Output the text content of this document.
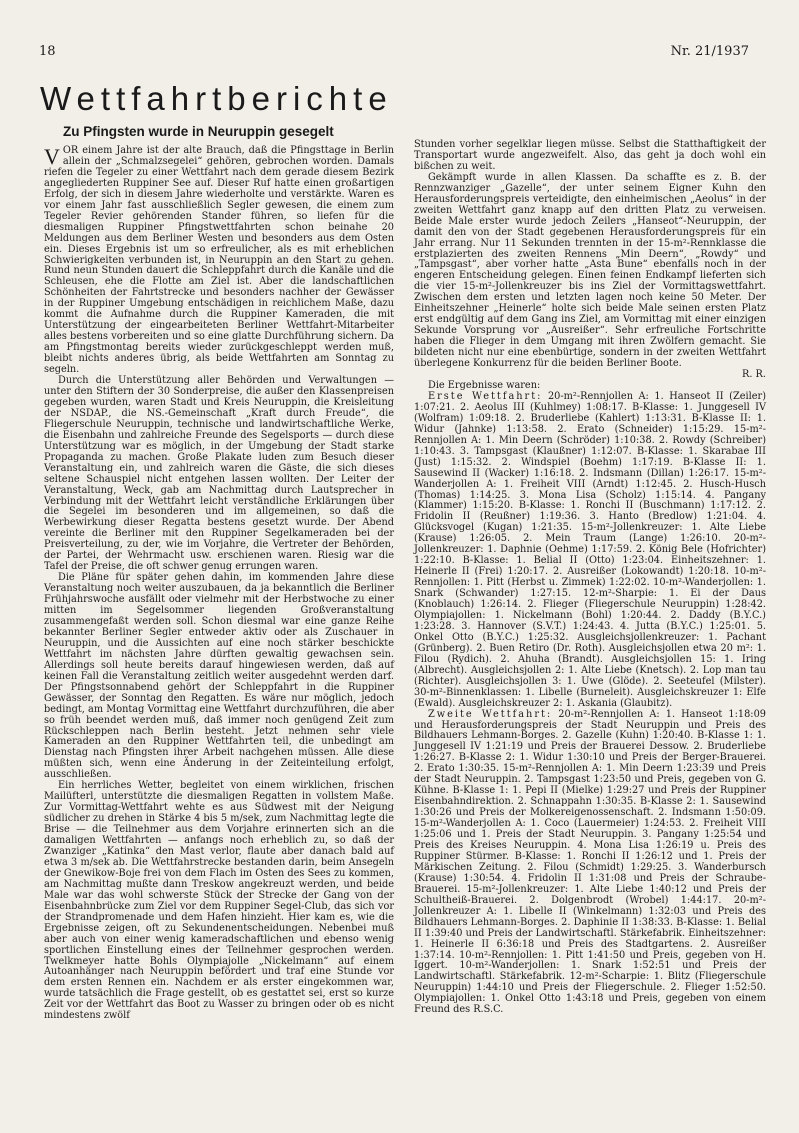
18	Nr. 21/1937
Wettfahrtberichte
Zu Pfingsten wurde in Neuruppin gesegelt

VOR einem Jahre ist der alte Brauch, daß die Pfingsttage in Berlin allein der „Schmalzsegelei“ gehören, gebrochen worden. Damals riefen die Tegeler zu einer Wettfahrt nach dem gerade diesem Bezirk angegliederten Ruppiner See auf. Dieser Ruf hatte einen großartigen Erfolg, der sich in diesem Jahre wiederholte und verstärkte. Waren es vor einem Jahr fast ausschließlich Segler gewesen, die einem zum Tegeler Revier gehörenden Stander führen, so liefen für die diesmaligen Ruppiner Pfingstwettfahrten schon beinahe 20 Meldungen aus dem Berliner Westen und besonders aus dem Osten ein. Dieses Ergebnis ist um so erfreulicher, als es mit erheblichen Schwierigkeiten verbunden ist, in Neuruppin an den Start zu gehen. Rund neun Stunden dauert die Schleppfahrt durch die Kanäle und die Schleusen, ehe die Flotte am Ziel ist. Aber die landschaftlichen Schönheiten der Fahrtstrecke und besonders nachher der Gewässer in der Ruppiner Umgebung entschädigen in reichlichem Maße, dazu kommt die Aufnahme durch die Ruppiner Kameraden, die mit Unterstützung der eingearbeiteten Berliner Wettfahrt-Mitarbeiter alles bestens vorbereiten und so eine glatte Durchführung sichern. Da am Pfingstmontag bereits wieder zurückgeschleppt werden muß, bleibt nichts anderes übrig, als beide Wettfahrten am Sonntag zu segeln.

Durch die Unterstützung aller Behörden und Verwaltungen — unter den Stiftern der 30 Sonderpreise, die außer den Klassenpreisen gegeben wurden, waren Stadt und Kreis Neuruppin, die Kreisleitung der NSDAP., die NS.-Gemeinschaft „Kraft durch Freude“, die Fliegerschule Neuruppin, technische und landwirtschaftliche Werke, die Eisenbahn und zahlreiche Freunde des Segelsports — durch diese Unterstützung war es möglich, in der Umgebung der Stadt starke Propaganda zu machen. Große Plakate luden zum Besuch dieser Veranstaltung ein, und zahlreich waren die Gäste, die sich dieses seltene Schauspiel nicht entgehen lassen wollten. Der Leiter der Veranstaltung, Weck, gab am Nachmittag durch Lautsprecher in Verbindung mit der Wettfahrt leicht verständliche Erklärungen über die Segelei im besonderen und im allgemeinen, so daß die Werbewirkung dieser Regatta bestens gesetzt wurde. Der Abend vereinte die Berliner mit den Ruppiner Segelkameraden bei der Preisverteilung, zu der, wie im Vorjahre, die Vertreter der Behörden, der Partei, der Wehrmacht usw. erschienen waren. Riesig war die Tafel der Preise, die oft schwer genug errungen waren.

Die Pläne für später gehen dahin, im kommenden Jahre diese Veranstaltung noch weiter auszubauen, da ja bekanntlich die Berliner Frühjahrswoche ausfällt oder vielmehr mit der Herbstwoche zu einer mitten im Segelsommer liegenden Großveranstaltung zusammengefaßt werden soll. Schon diesmal war eine ganze Reihe bekannter Berliner Segler entweder aktiv oder als Zuschauer in Neuruppin, und die Aussichten auf eine noch stärker beschickte Wettfahrt im nächsten Jahre dürften gewaltig gewachsen sein. Allerdings soll heute bereits darauf hingewiesen werden, daß auf keinen Fall die Veranstaltung zeitlich weiter ausgedehnt werden darf. Der Pfingstsonnabend gehört der Schleppfahrt in die Ruppiner Gewässer, der Sonntag den Regatten. Es wäre nur möglich, jedoch bedingt, am Montag Vormittag eine Wettfahrt durchzuführen, die aber so früh beendet werden muß, daß immer noch genügend Zeit zum Rückschleppen nach Berlin besteht. Jetzt nehmen sehr viele Kameraden an den Ruppiner Wettfahrten teil, die unbedingt am Dienstag nach Pfingsten ihrer Arbeit nachgehen müssen. Alle diese müßten sich, wenn eine Änderung in der Zeiteinteilung erfolgt, ausschließen.

Ein herrliches Wetter, begleitet von einem wirklichen, frischen Mailüfterl, unterstützte die diesmaligen Regatten in vollstem Maße. Zur Vormittag-Wettfahrt wehte es aus Südwest mit der Neigung südlicher zu drehen in Stärke 4 bis 5 m/sek, zum Nachmittag legte die Brise — die Teilnehmer aus dem Vorjahre erinnerten sich an die damaligen Wettfahrten — anfangs noch erheblich zu, so daß der Zwanziger „Katinka“ den Mast verlor, flaute aber danach bald auf etwa 3 m/sek ab. Die Wettfahrstrecke bestanden darin, beim Ansegeln der Gnewikow-Boje frei von dem Flach im Osten des Sees zu kommen, am Nachmittag mußte dann Treskow angekreuzt werden, und beide Male war das wohl schwerste Stück der Strecke der Gang von der Eisenbahnbrücke zum Ziel vor dem Ruppiner Segel-Club, das sich vor der Strandpromenade und dem Hafen hinzieht. Hier kam es, wie die Ergebnisse zeigen, oft zu Sekundenentscheidungen. Nebenbei muß aber auch von einer wenig kameradschaftlichen und ebenso wenig sportlichen Einstellung eines der Teilnehmer gesprochen werden. Twelkmeyer hatte Bohls Olympiajolle „Nickelmann“ auf einem Autoanhänger nach Neuruppin befördert und traf eine Stunde vor dem ersten Rennen ein. Nachdem er als erster eingekommen war, wurde tatsächlich die Frage gestellt, ob es gestattet sei, erst so kurze Zeit vor der Wettfahrt das Boot zu Wasser zu bringen oder ob es nicht mindestens zwölf

Stunden vorher segelklar liegen müsse. Selbst die Statthaftigkeit der Transportart wurde angezweifelt. Also, das geht ja doch wohl ein bißchen zu weit.

Gekämpft wurde in allen Klassen. Da schaffte es z. B. der Rennzwanziger „Gazelle“, der unter seinem Eigner Kuhn den Herausforderungspreis verteidigte, den einheimischen „Aeolus“ in der zweiten Wettfahrt ganz knapp auf den dritten Platz zu verweisen. Beide Male erster wurde jedoch Zeilers „Hanseot“-Neuruppin, der damit den von der Stadt gegebenen Herausforderungspreis für ein Jahr errang. Nur 11 Sekunden trennten in der 15-m²-Rennklasse die erstplazierten des zweiten Rennens „Min Deern“, „Rowdy“ und „Tampsgast“, aber vorher hatte „Asta Bune“ ebenfalls noch in der engeren Entscheidung gelegen. Einen feinen Endkampf lieferten sich die vier 15-m²-Jollenkreuzer bis ins Ziel der Vormittagswettfahrt. Zwischen dem ersten und letzten lagen noch keine 50 Meter. Der Einheitszehner „Heinerle“ holte sich beide Male seinen ersten Platz erst endgültig auf dem Gang ins Ziel, am Vormittag mit einer einzigen Sekunde Vorsprung vor „Ausreißer“. Sehr erfreuliche Fortschritte haben die Flieger in dem Umgang mit ihren Zwölfern gemacht. Sie bildeten nicht nur eine ebenbürtige, sondern in der zweiten Wettfahrt überlegene Konkurrenz für die beiden Berliner Boote.

R. R.

Die Ergebnisse waren:

Erste Wettfahrt: 20-m²-Rennjollen A: 1. Hanseot II (Zeiler) 1:07:21. 2. Aeolus III (Kuhlmey) 1:08:17. B-Klasse: 1. Junggesell IV (Wolfram) 1:09:18. 2. Bruderliebe (Kahlert) 1:13:31. B-Klasse II: 1. Widur (Jahnke) 1:13:58. 2. Erato (Schneider) 1:15:29. 15-m²-Rennjollen A: 1. Min Deern (Schröder) 1:10:38. 2. Rowdy (Schreiber) 1:10:43. 3. Tampsgast (Klaußner) 1:12:07. B-Klasse: 1. Skarabae III (Just) 1:15:32. 2. Windspiel (Boehm) 1:17:19. B-Klasse II: 1. Sausewind II (Wacker) 1:16:18. 2. Indsmann (Dillan) 1:26:17. 15-m²-Wanderjollen A: 1. Freiheit VIII (Arndt) 1:12:45. 2. Husch-Husch (Thomas) 1:14:25. 3. Mona Lisa (Scholz) 1:15:14. 4. Pangany (Klammer) 1:15:20. B-Klasse: 1. Ronchi II (Buschmann) 1:17:12. 2. Fridolin II (Reußner) 1:19:36. 3. Hanto (Bredlow) 1:21:04. 4. Glücksvogel (Kugan) 1:21:35. 15-m²-Jollenkreuzer: 1. Alte Liebe (Krause) 1:26:05. 2. Mein Traum (Lange) 1:26:10. 20-m²-Jollenkreuzer: 1. Daphnie (Oehme) 1:17:59. 2. König Bele (Hofrichter) 1:22:10. B-Klasse: 1. Belial II (Otto) 1:23:04. Einheitszehner: 1. Heinerle II (Frei) 1:20:17. 2. Ausreißer (Lokowandt) 1:20:18. 10-m²-Rennjollen: 1. Pitt (Herbst u. Zimmek) 1:22:02. 10-m²-Wanderjollen: 1. Snark (Schwander) 1:27:15. 12-m²-Sharpie: 1. Ei der Daus (Knoblauch) 1:26:14. 2. Flieger (Fliegerschule Neuruppin) 1:28:42. Olympiajollen: 1. Nickelmann (Bohl) 1:20:44. 2. Daddy (B.Y.C.) 1:23:28. 3. Hannover (S.V.T.) 1:24:43. 4. Jutta (B.Y.C.) 1:25:01. 5. Onkel Otto (B.Y.C.) 1:25:32. Ausgleichsjollenkreuzer: 1. Pachant (Grünberg). 2. Buen Retiro (Dr. Roth). Ausgleichsjollen etwa 20 m²: 1. Filou (Rydich). 2. Ahuha (Brandt). Ausgleichsjollen 15: 1. Iring (Albrecht). Ausgleichsjollen 2: 1. Alte Liebe (Knetsch). 2. Lop man tau (Richter). Ausgleichsjollen 3: 1. Uwe (Glöde). 2. Seeteufel (Milster). 30-m²-Binnenklassen: 1. Libelle (Burneleit). Ausgleichskreuzer 1: Elfe (Ewald). Ausgleichskreuzer 2: 1. Askania (Glaubitz).

Zweite Wettfahrt: 20-m²-Rennjollen A: 1. Hanseot 1:18:09 und Herausforderungspreis der Stadt Neuruppin und Preis des Bildhauers Lehmann-Borges. 2. Gazelle (Kuhn) 1:20:40. B-Klasse 1: 1. Junggesell IV 1:21:19 und Preis der Brauerei Dessow. 2. Bruderliebe 1:26:27. B-Klasse 2: 1. Widur 1:30:10 und Preis der Berger-Brauerei. 2. Erato 1:30:35. 15-m²-Rennjollen A: 1. Min Deern 1:23:39 und Preis der Stadt Neuruppin. 2. Tampsgast 1:23:50 und Preis, gegeben von G. Kühne. B-Klasse 1: 1. Pepi II (Mielke) 1:29:27 und Preis der Ruppiner Eisenbahndirektion. 2. Schnappahn 1:30:35. B-Klasse 2: 1. Sausewind 1:30:26 und Preis der Molkereigenossenschaft. 2. Indsmann 1:50:09. 15-m²-Wanderjollen A: 1. Coco (Lauermeier) 1:24:53. 2. Freiheit VIII 1:25:06 und 1. Preis der Stadt Neuruppin. 3. Pangany 1:25:54 und Preis des Kreises Neuruppin. 4. Mona Lisa 1:26:19 u. Preis des Ruppiner Stürmer. B-Klasse: 1. Ronchi II 1:26:12 und 1. Preis der Märkischen Zeitung. 2. Filou (Schmidt) 1:29:25. 3. Wanderbursch (Krause) 1:30:54. 4. Fridolin II 1:31:08 und Preis der Schraube-Brauerei. 15-m²-Jollenkreuzer: 1. Alte Liebe 1:40:12 und Preis der Schultheiß-Brauerei. 2. Dolgenbrodt (Wrobel) 1:44:17. 20-m²-Jollenkreuzer A: 1. Libelle II (Winkelmann) 1:32:03 und Preis des Bildhauers Lehmann-Borges. 2. Daphinie II 1:38:33. B-Klasse: 1. Belial II 1:39:40 und Preis der Landwirtschaftl. Stärkefabrik. Einheitszehner: 1. Heinerle II 6:36:18 und Preis des Stadtgartens. 2. Ausreißer 1:37:14. 10-m²-Rennjollen: 1. Pitt 1:41:50 und Preis, gegeben von H. Iggert. 10-m²-Wanderjollen: 1. Snark 1:52:51 und Preis der Landwirtschaftl. Stärkefabrik. 12-m²-Scharpie: 1. Blitz (Fliegerschule Neuruppin) 1:44:10 und Preis der Fliegerschule. 2. Flieger 1:52:50. Olympiajollen: 1. Onkel Otto 1:43:18 und Preis, gegeben von einem Freund des R.S.C.
